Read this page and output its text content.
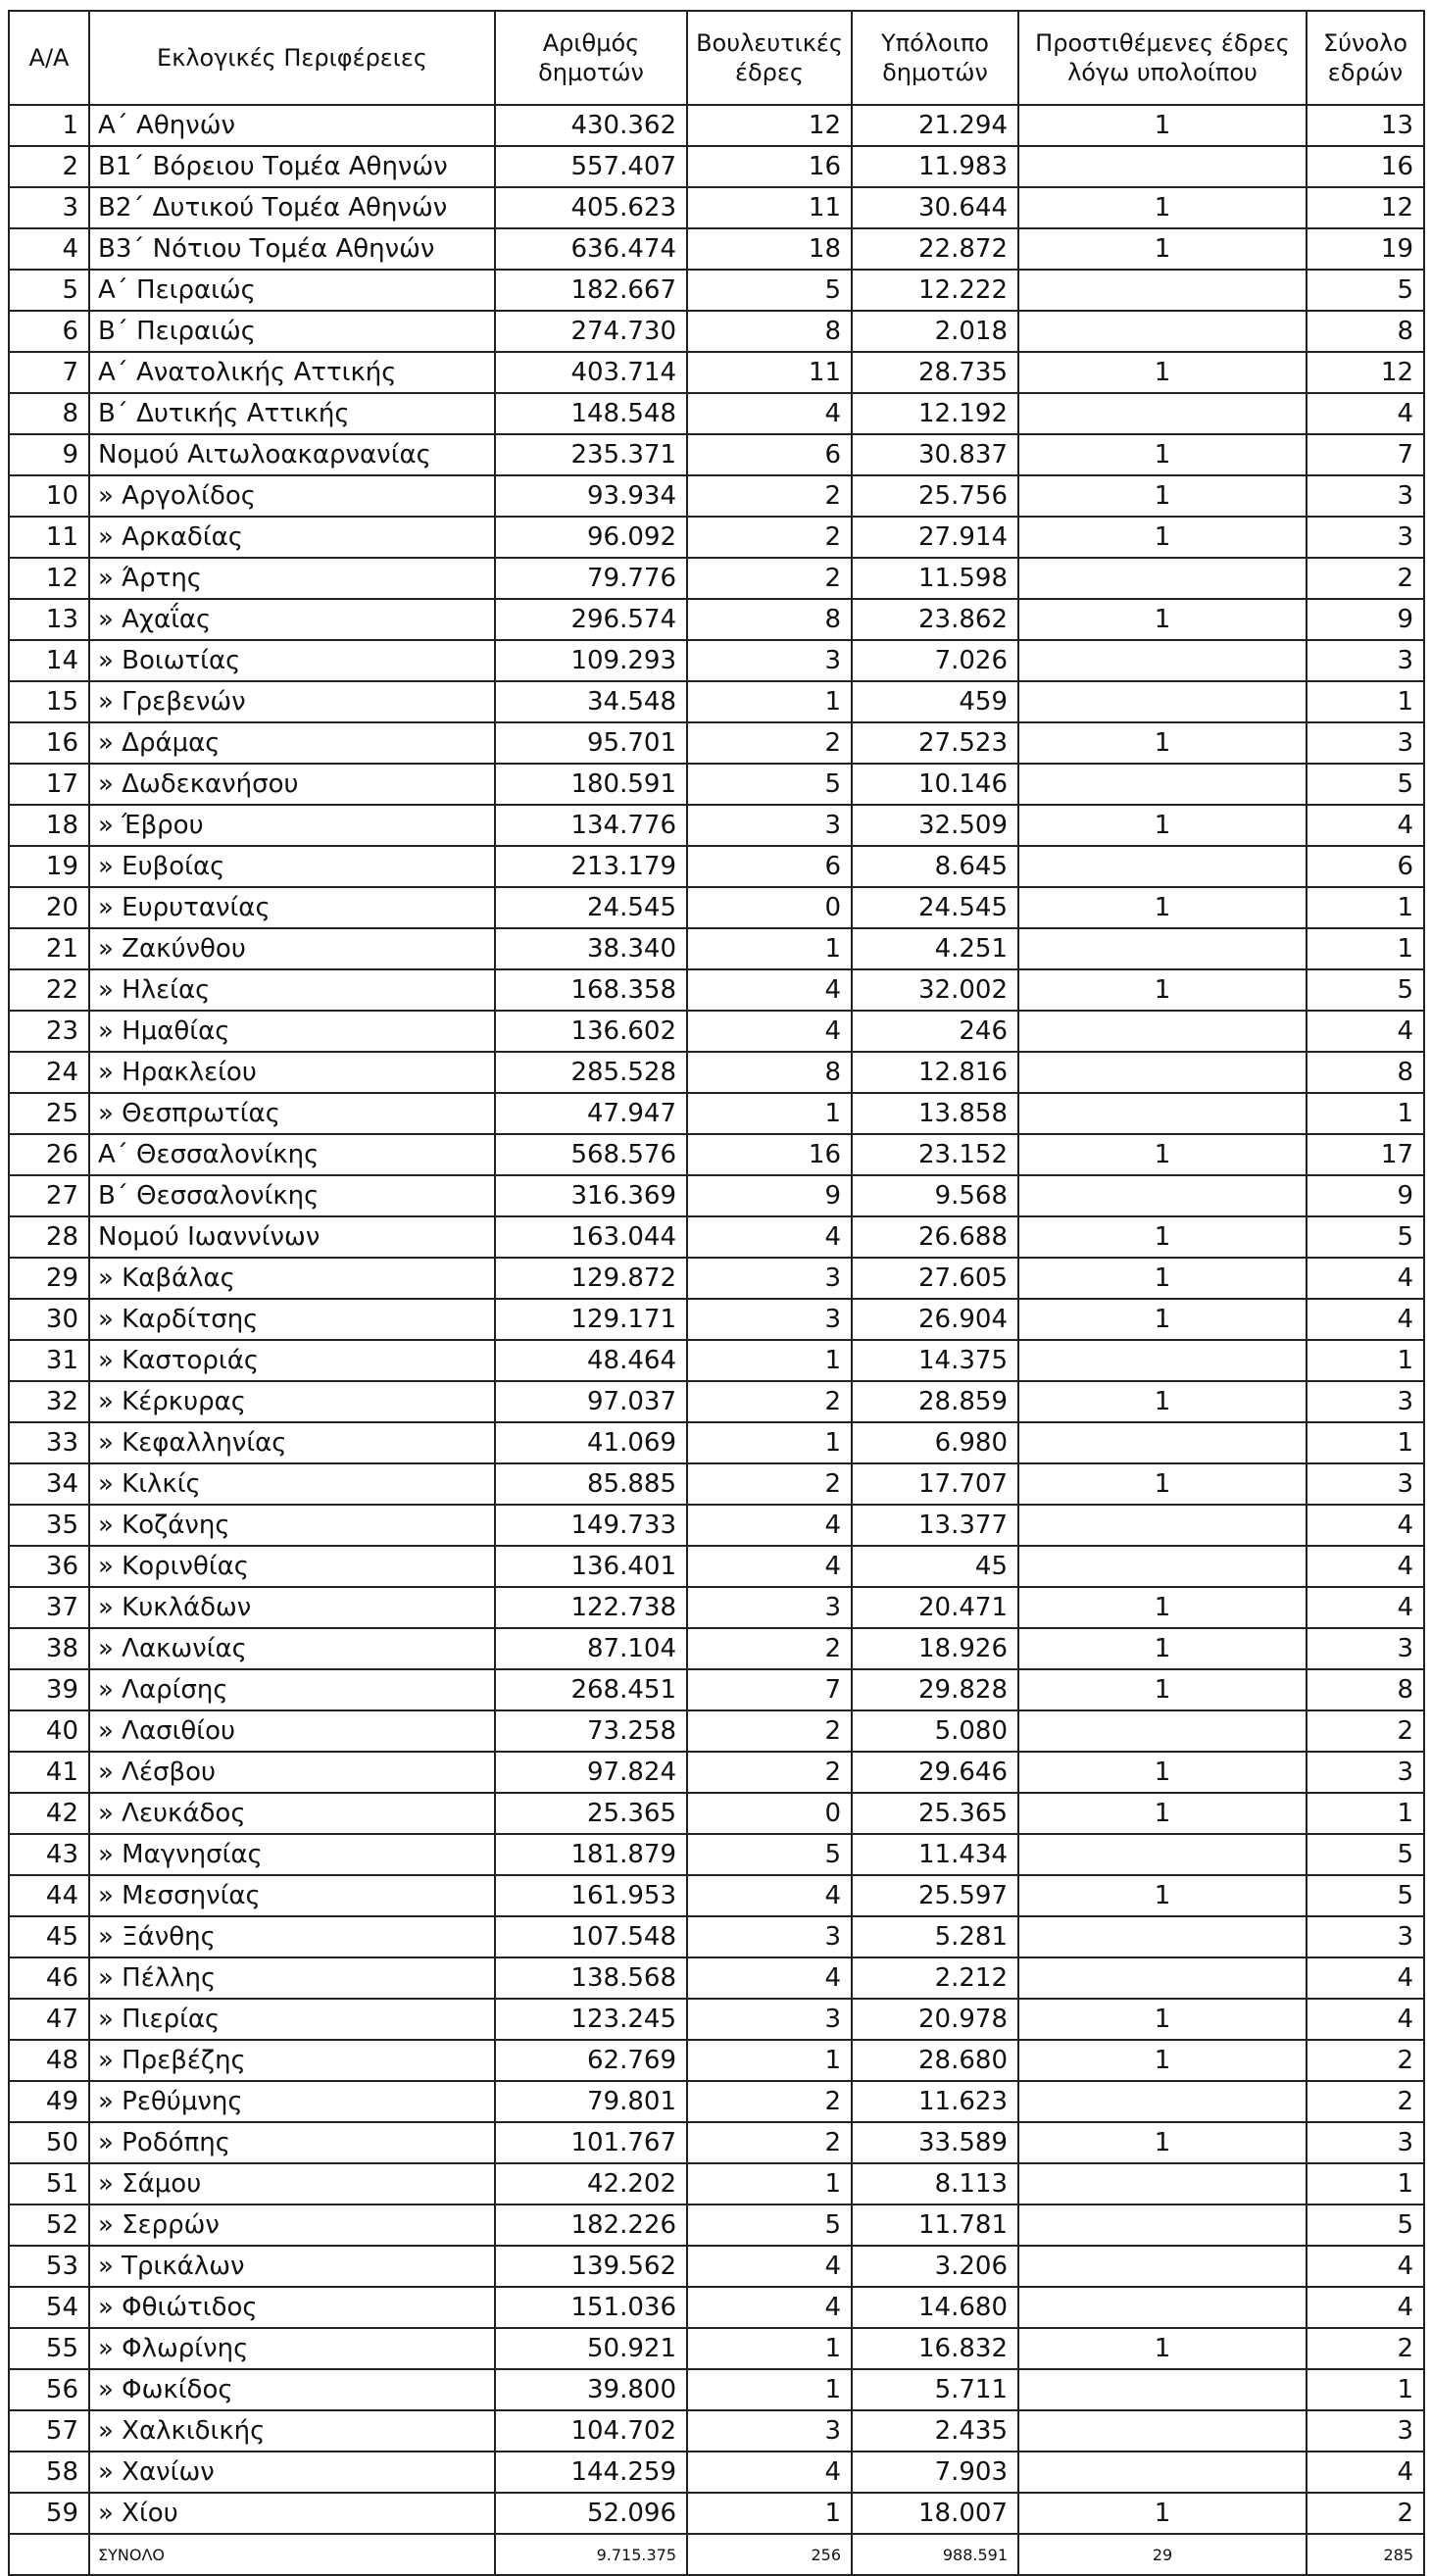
Α/Α	Εκλογικές Περιφέρειες	Αριθμός δημοτών	Βουλευτικές έδρες	Υπόλοιπο δημοτών	Προστιθέμενες έδρες λόγω υπολοίπου	Σύνολο εδρών
1	Α΄ Αθηνών	430.362	12	21.294	1	13
2	Β1΄ Βόρειου Τομέα Αθηνών	557.407	16	11.983		16
3	Β2΄ Δυτικού Τομέα Αθηνών	405.623	11	30.644	1	12
4	Β3΄ Νότιου Τομέα Αθηνών	636.474	18	22.872	1	19
5	Α΄ Πειραιώς	182.667	5	12.222		5
6	Β΄ Πειραιώς	274.730	8	2.018		8
7	Α΄ Ανατολικής Αττικής	403.714	11	28.735	1	12
8	Β΄ Δυτικής Αττικής	148.548	4	12.192		4
9	Νομού Αιτωλοακαρνανίας	235.371	6	30.837	1	7
10	» Αργολίδος	93.934	2	25.756	1	3
11	» Αρκαδίας	96.092	2	27.914	1	3
12	» Άρτης	79.776	2	11.598		2
13	» Αχαΐας	296.574	8	23.862	1	9
14	» Βοιωτίας	109.293	3	7.026		3
15	» Γρεβενών	34.548	1	459		1
16	» Δράμας	95.701	2	27.523	1	3
17	» Δωδεκανήσου	180.591	5	10.146		5
18	» Έβρου	134.776	3	32.509	1	4
19	» Ευβοίας	213.179	6	8.645		6
20	» Ευρυτανίας	24.545	0	24.545	1	1
21	» Ζακύνθου	38.340	1	4.251		1
22	» Ηλείας	168.358	4	32.002	1	5
23	» Ημαθίας	136.602	4	246		4
24	» Ηρακλείου	285.528	8	12.816		8
25	» Θεσπρωτίας	47.947	1	13.858		1
26	Α΄ Θεσσαλονίκης	568.576	16	23.152	1	17
27	Β΄ Θεσσαλονίκης	316.369	9	9.568		9
28	Νομού Ιωαννίνων	163.044	4	26.688	1	5
29	» Καβάλας	129.872	3	27.605	1	4
30	» Καρδίτσης	129.171	3	26.904	1	4
31	» Καστοριάς	48.464	1	14.375		1
32	» Κέρκυρας	97.037	2	28.859	1	3
33	» Κεφαλληνίας	41.069	1	6.980		1
34	» Κιλκίς	85.885	2	17.707	1	3
35	» Κοζάνης	149.733	4	13.377		4
36	» Κορινθίας	136.401	4	45		4
37	» Κυκλάδων	122.738	3	20.471	1	4
38	» Λακωνίας	87.104	2	18.926	1	3
39	» Λαρίσης	268.451	7	29.828	1	8
40	» Λασιθίου	73.258	2	5.080		2
41	» Λέσβου	97.824	2	29.646	1	3
42	» Λευκάδος	25.365	0	25.365	1	1
43	» Μαγνησίας	181.879	5	11.434		5
44	» Μεσσηνίας	161.953	4	25.597	1	5
45	» Ξάνθης	107.548	3	5.281		3
46	» Πέλλης	138.568	4	2.212		4
47	» Πιερίας	123.245	3	20.978	1	4
48	» Πρεβέζης	62.769	1	28.680	1	2
49	» Ρεθύμνης	79.801	2	11.623		2
50	» Ροδόπης	101.767	2	33.589	1	3
51	» Σάμου	42.202	1	8.113		1
52	» Σερρών	182.226	5	11.781		5
53	» Τρικάλων	139.562	4	3.206		4
54	» Φθιώτιδος	151.036	4	14.680		4
55	» Φλωρίνης	50.921	1	16.832	1	2
56	» Φωκίδος	39.800	1	5.711		1
57	» Χαλκιδικής	104.702	3	2.435		3
58	» Χανίων	144.259	4	7.903		4
59	» Χίου	52.096	1	18.007	1	2
	ΣΥΝΟΛΟ	9.715.375	256	988.591	29	285
